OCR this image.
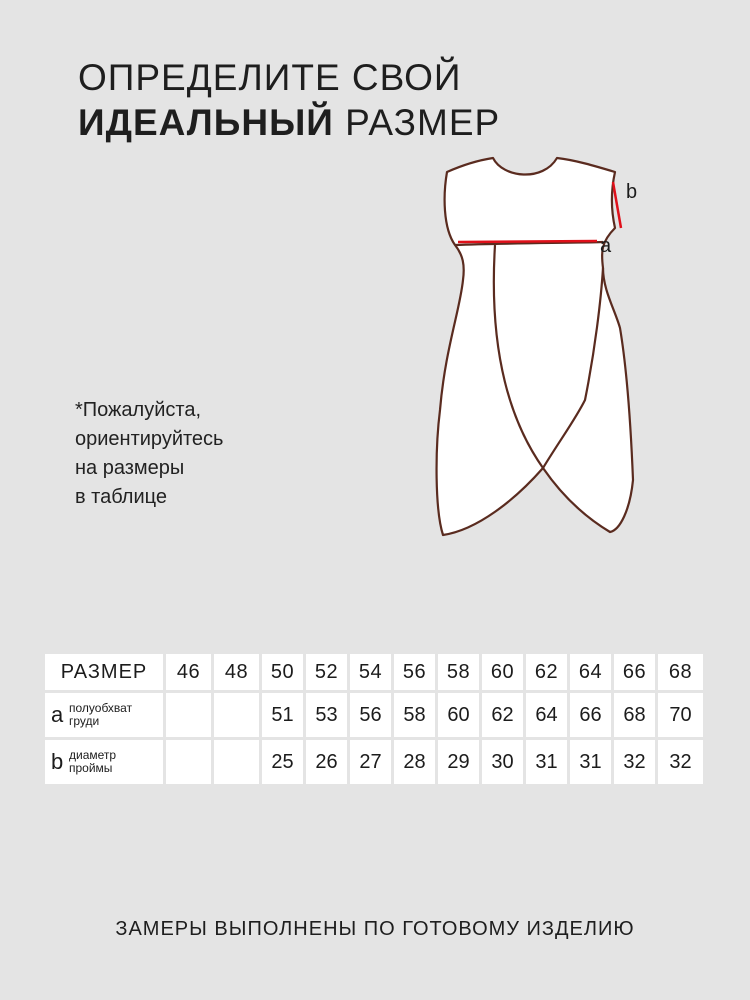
ОПРЕДЕЛИТЕ СВОЙ
ИДЕАЛЬНЫЙ РАЗМЕР
a
b
*Пожалуйста,
ориентируйтесь
на размеры
в таблице
РАЗМЕР	46	48	50	52	54	56	58	60	62	64	66	68
a полуобхват
груди			51	53	56	58	60	62	64	66	68	70
b диаметр
проймы			25	26	27	28	29	30	31	31	32	32
ЗАМЕРЫ ВЫПОЛНЕНЫ ПО ГОТОВОМУ ИЗДЕЛИЮ
